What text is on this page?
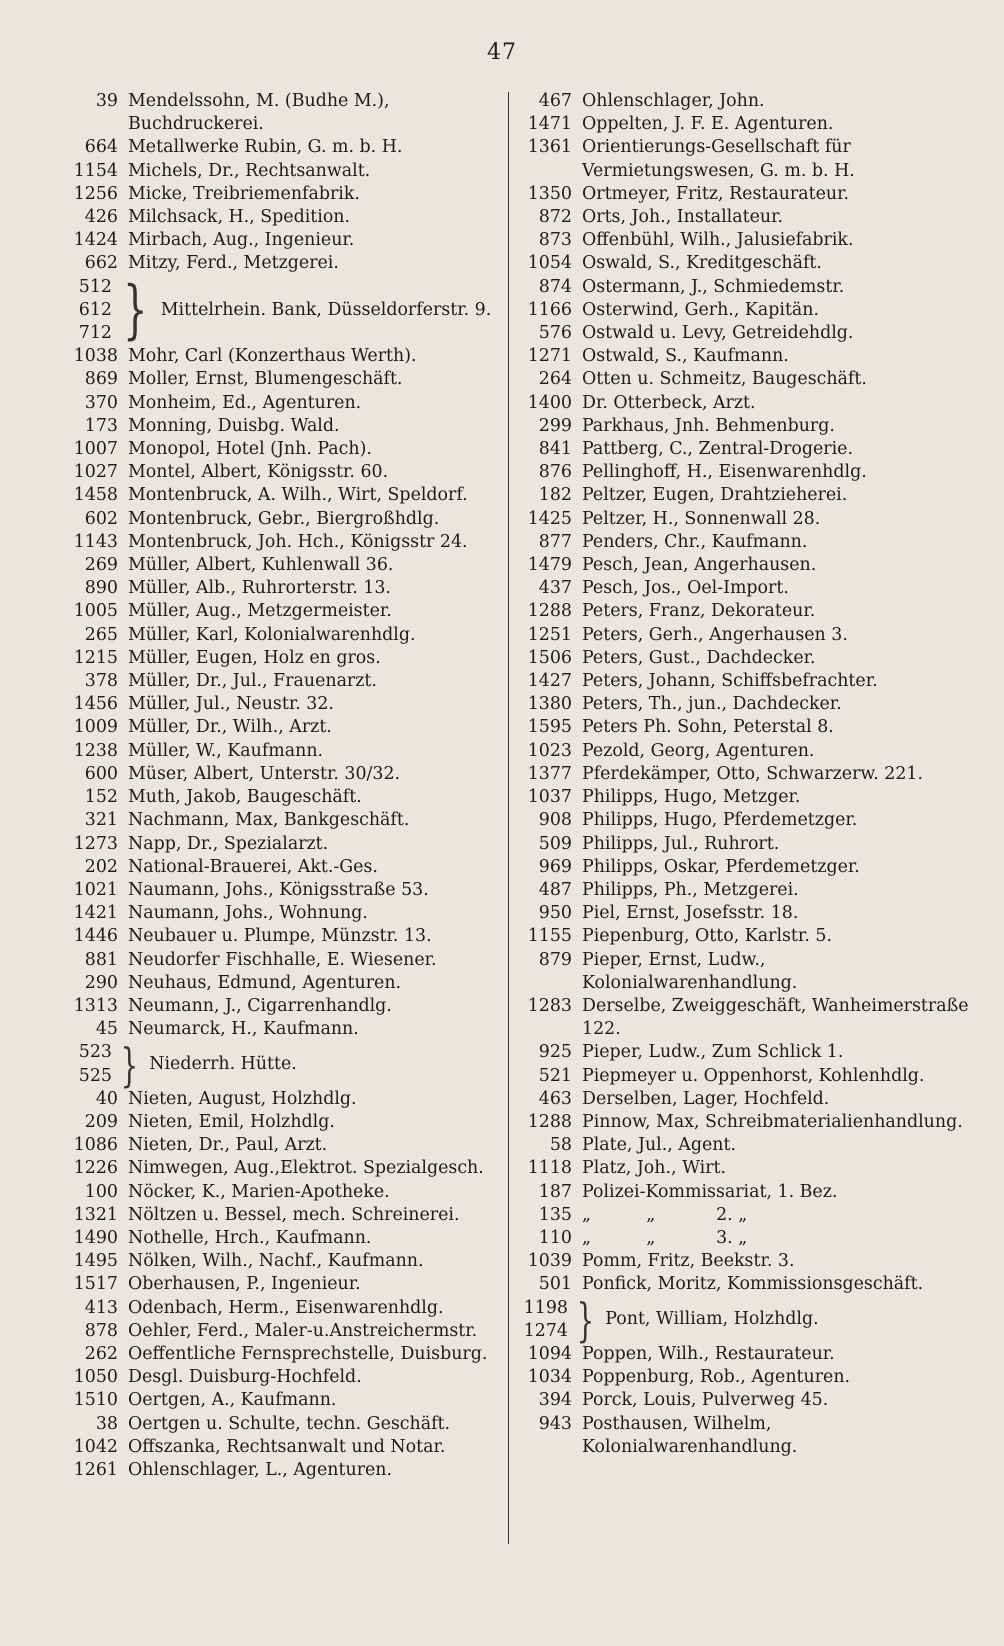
47
39 Mendelssohn, M. (Budhe M.), Buchdruckerei.
664 Metallwerke Rubin, G. m. b. H.
1154 Michels, Dr., Rechtsanwalt.
1256 Micke, Treibriemenfabrik.
426 Milchsack, H., Spedition.
1424 Mirbach, Aug., Ingenieur.
662 Mitzy, Ferd., Metzgerei.
512
612
712 } Mittelrhein. Bank, Düsseldorferstr. 9.
1038 Mohr, Carl (Konzerthaus Werth).
869 Moller, Ernst, Blumengeschäft.
370 Monheim, Ed., Agenturen.
173 Monning, Duisbg. Wald.
1007 Monopol, Hotel (Jnh. Pach).
1027 Montel, Albert, Königsstr. 60.
1458 Montenbruck, A. Wilh., Wirt, Speldorf.
602 Montenbruck, Gebr., Biergroßhdlg.
1143 Montenbruck, Joh. Hch., Königsstr 24.
269 Müller, Albert, Kuhlenwall 36.
890 Müller, Alb., Ruhrorterstr. 13.
1005 Müller, Aug., Metzgermeister.
265 Müller, Karl, Kolonialwarenhdlg.
1215 Müller, Eugen, Holz en gros.
378 Müller, Dr., Jul., Frauenarzt.
1456 Müller, Jul., Neustr. 32.
1009 Müller, Dr., Wilh., Arzt.
1238 Müller, W., Kaufmann.
600 Müser, Albert, Unterstr. 30/32.
152 Muth, Jakob, Baugeschäft.
321 Nachmann, Max, Bankgeschäft.
1273 Napp, Dr., Spezialarzt.
202 National-Brauerei, Akt.-Ges.
1021 Naumann, Johs., Königsstraße 53.
1421 Naumann, Johs., Wohnung.
1446 Neubauer u. Plumpe, Münzstr. 13.
881 Neudorfer Fischhalle, E. Wiesener.
290 Neuhaus, Edmund, Agenturen.
1313 Neumann, J., Cigarrenhandlg.
45 Neumarck, H., Kaufmann.
523
525 } Niederrh. Hütte.
40 Nieten, August, Holzhdlg.
209 Nieten, Emil, Holzhdlg.
1086 Nieten, Dr., Paul, Arzt.
1226 Nimwegen, Aug.,Elektrot. Spezialgesch.
100 Nöcker, K., Marien-Apotheke.
1321 Nöltzen u. Bessel, mech. Schreinerei.
1490 Nothelle, Hrch., Kaufmann.
1495 Nölken, Wilh., Nachf., Kaufmann.
1517 Oberhausen, P., Ingenieur.
413 Odenbach, Herm., Eisenwarenhdlg.
878 Oehler, Ferd., Maler-u.Anstreichermstr.
262 Oeffentliche Fernsprechstelle, Duisburg.
1050 Desgl. Duisburg-Hochfeld.
1510 Oertgen, A., Kaufmann.
38 Oertgen u. Schulte, techn. Geschäft.
1042 Offszanka, Rechtsanwalt und Notar.
1261 Ohlenschlager, L., Agenturen.
467 Ohlenschlager, John.
1471 Oppelten, J. F. E. Agenturen.
1361 Orientierungs-Gesellschaft für Vermietungswesen, G. m. b. H.
1350 Ortmeyer, Fritz, Restaurateur.
872 Orts, Joh., Installateur.
873 Offenbühl, Wilh., Jalusiefabrik.
1054 Oswald, S., Kreditgeschäft.
874 Ostermann, J., Schmiedemstr.
1166 Osterwind, Gerh., Kapitän.
576 Ostwald u. Levy, Getreidehdlg.
1271 Ostwald, S., Kaufmann.
264 Otten u. Schmeitz, Baugeschäft.
1400 Dr. Otterbeck, Arzt.
299 Parkhaus, Jnh. Behmenburg.
841 Pattberg, C., Zentral-Drogerie.
876 Pellinghoff, H., Eisenwarenhdlg.
182 Peltzer, Eugen, Drahtzieherei.
1425 Peltzer, H., Sonnenwall 28.
877 Penders, Chr., Kaufmann.
1479 Pesch, Jean, Angerhausen.
437 Pesch, Jos., Oel-Import.
1288 Peters, Franz, Dekorateur.
1251 Peters, Gerh., Angerhausen 3.
1506 Peters, Gust., Dachdecker.
1427 Peters, Johann, Schiffsbefrachter.
1380 Peters, Th., jun., Dachdecker.
1595 Peters Ph. Sohn, Peterstal 8.
1023 Pezold, Georg, Agenturen.
1377 Pferdekämper, Otto, Schwarzerw. 221.
1037 Philipps, Hugo, Metzger.
908 Philipps, Hugo, Pferdemetzger.
509 Philipps, Jul., Ruhrort.
969 Philipps, Oskar, Pferdemetzger.
487 Philipps, Ph., Metzgerei.
950 Piel, Ernst, Josefsstr. 18.
1155 Piepenburg, Otto, Karlstr. 5.
879 Pieper, Ernst, Ludw., Kolonialwarenhandlung.
1283 Derselbe, Zweiggeschäft, Wanheimerstraße 122.
925 Pieper, Ludw., Zum Schlick 1.
521 Piepmeyer u. Oppenhorst, Kohlenhdlg.
463 Derselben, Lager, Hochfeld.
1288 Pinnow, Max, Schreibmaterialienhandlung.
58 Plate, Jul., Agent.
1118 Platz, Joh., Wirt.
187 Polizei-Kommissariat, 1. Bez.
135 „          „           2. „
110 „          „           3. „
1039 Pomm, Fritz, Beekstr. 3.
501 Ponfick, Moritz, Kommissionsgeschäft.
1198
1274 } Pont, William, Holzhdlg.
1094 Poppen, Wilh., Restaurateur.
1034 Poppenburg, Rob., Agenturen.
394 Porck, Louis, Pulverweg 45.
943 Posthausen, Wilhelm, Kolonialwarenhandlung.
